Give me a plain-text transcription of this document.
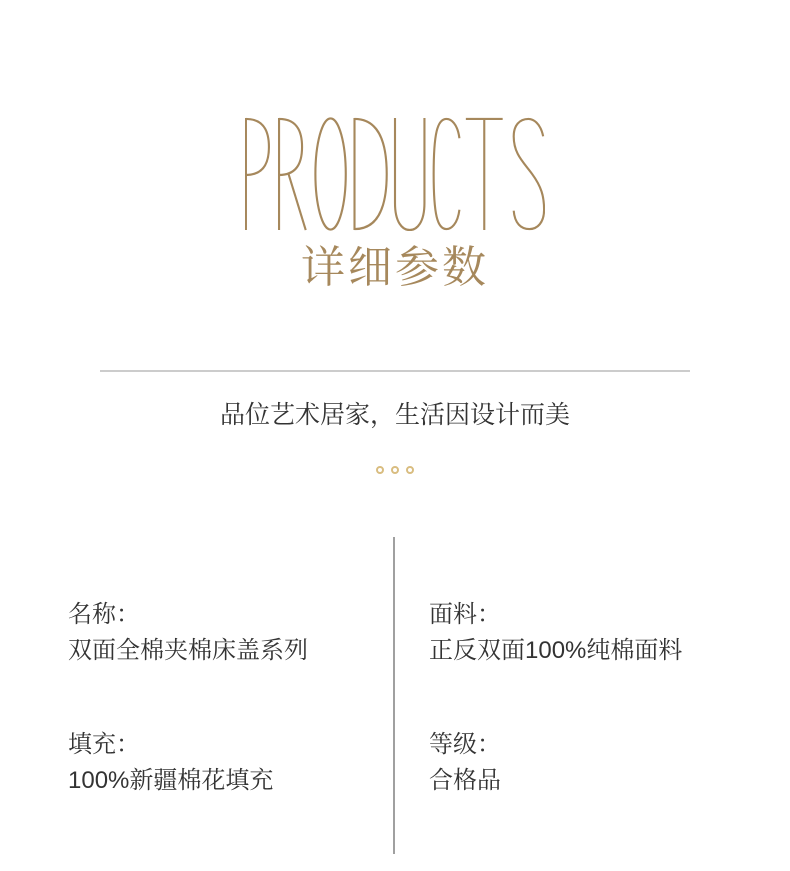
详细参数
品位艺术居家，生活因设计而美
名称：
双面全棉夹棉床盖系列
填充：
100%新疆棉花填充
面料：
正反双面100%纯棉面料
等级：
合格品
